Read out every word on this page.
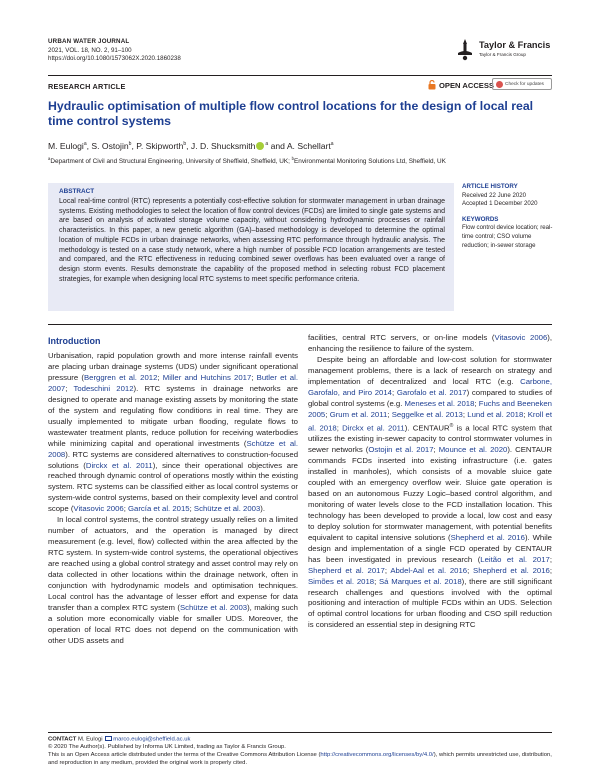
URBAN WATER JOURNAL
2021, VOL. 18, NO. 2, 91–100
https://doi.org/10.1080/1573062X.2020.1860238
Taylor & Francis
Taylor & Francis Group
RESEARCH ARTICLE	OPEN ACCESS Check for updates
Hydraulic optimisation of multiple flow control locations for the design of local real time control systems
M. Eulogi$^a$, S. Ostojin$^b$, P. Skipworth$^b$, J. D. Shucksmith $^a$ and A. Schellart$^a$
$^a$Department of Civil and Structural Engineering, University of Sheffield, Sheffield, UK; $^b$Environmental Monitoring Solutions Ltd, Sheffield, UK
ABSTRACT
Local real-time control (RTC) represents a potentially cost-effective solution for stormwater management in urban drainage systems. Existing methodologies to select the location of flow control devices (FCDs) are limited to single gate systems and are based on analysis of activated storage volume capacity, without considering hydrodynamic processes or rainfall characteristics. In this paper, a new genetic algorithm (GA)–based methodology is developed to determine the optimal location of multiple FCDs in urban drainage networks, when assessing RTC performance through hydraulic analysis. The methodology is tested on a case study network, where a high number of possible FCD location arrangements are tested and compared, and the RTC effectiveness in reducing combined sewer overflows has been evaluated over a range of design storm events. Results demonstrate the capability of the proposed method in selecting robust FCD placement strategies, for example when designing local RTC systems to meet specific performance criteria.
ARTICLE HISTORY
Received 22 June 2020
Accepted 1 December 2020
KEYWORDS
Flow control device location; real-time control; CSO volume reduction; in-sewer storage
Introduction

Urbanisation, rapid population growth and more intense rainfall events are placing urban drainage systems (UDS) under significant operational pressure (Berggren et al. 2012; Miller and Hutchins 2017; Butler et al. 2007; Todeschini 2012). RTC systems in drainage networks are designed to operate and manage existing assets by monitoring the state of the system and regulating flow conditions in real time. They are usually implemented to mitigate urban flooding, regulate flows to wastewater treatment plants, reduce pollution for receiving waterbodies while minimizing capital and operational investments (Schütze et al. 2008). RTC systems are considered alternatives to construction-focused solutions (Dirckx et al. 2011), since their operational objectives are reached through dynamic control of operations mostly within the existing system. RTC systems can be classified either as local control systems or system-wide control systems, based on their complexity level and control scope (Vitasovic 2006; García et al. 2015; Schütze et al. 2003).

In local control systems, the control strategy usually relies on a limited number of actuators, and the operation is managed by direct measurement (e.g. level, flow) collected within the area affected by the RTC system. In system-wide control systems, the operational objectives are reached using a global control strategy and asset control may rely on data collected in other locations within the drainage network, often in conjunction with hydrodynamic models and optimisation techniques. Local control has the advantage of lesser effort and expense for data transfer than a complex RTC system (Schütze et al. 2003), making such a solution more economically viable for smaller UDS. Moreover, the operation of local RTC does not depend on the communication with other UDS assets and

facilities, central RTC servers, or on-line models (Vitasovic 2006), enhancing the resilience to failure of the system.

Despite being an affordable and low-cost solution for stormwater management problems, there is a lack of research on strategy and implementation of decentralized and local RTC (e.g. Carbone, Garofalo, and Piro 2014; Garofalo et al. 2017) compared to studies of global control systems (e.g. Meneses et al. 2018; Fuchs and Beeneken 2005; Grum et al. 2011; Seggelke et al. 2013; Lund et al. 2018; Kroll et al. 2018; Dirckx et al. 2011). CENTAUR® is a local RTC system that utilizes the existing in-sewer capacity to control stormwater volumes in sewer networks (Ostojin et al. 2017; Mounce et al. 2020). CENTAUR commands FCDs inserted into existing infrastructure (i.e. gates installed in manholes), which consists of a movable sluice gate coupled with an emergency overflow weir. Sluice gate operation is based on an autonomous Fuzzy Logic–based control algorithm, and monitoring of water levels close to the FCD installation location. This technology has been developed to provide a local, low cost and easy to deploy solution for stormwater management, with potential benefits equivalent to capital intensive solutions (Shepherd et al. 2016). While design and implementation of a single FCD operated by CENTAUR has been investigated in previous research (Leitão et al. 2017; Shepherd et al. 2017; Abdel-Aal et al. 2016; Shepherd et al. 2016; Simões et al. 2018; Sá Marques et al. 2018), there are still significant research challenges and questions involved with the optimal positioning and interaction of multiple FCDs within an UDS. Selection of optimal control locations for urban flooding and CSO spill reduction is considered an essential step in designing RTC

CONTACT M. Eulogi marco.eulogi@sheffield.ac.uk
© 2020 The Author(s). Published by Informa UK Limited, trading as Taylor & Francis Group.
This is an Open Access article distributed under the terms of the Creative Commons Attribution License (http://creativecommons.org/licenses/by/4.0/), which permits unrestricted use, distribution, and reproduction in any medium, provided the original work is properly cited.
